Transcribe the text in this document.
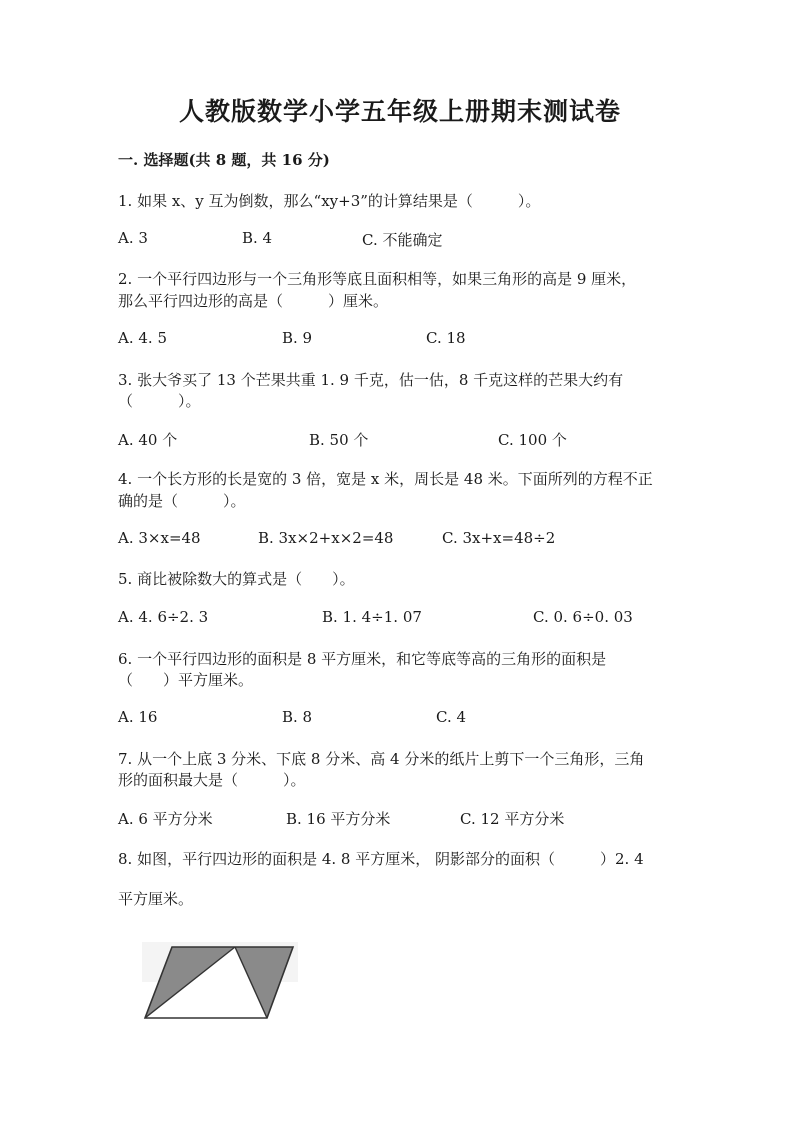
人教版数学小学五年级上册期末测试卷
一. 选择题(共 8 题，共 16 分)
1. 如果 x、y 互为倒数，那么“xy+3”的计算结果是（　　　）。
A. 3	B. 4	C. 不能确定
2. 一个平行四边形与一个三角形等底且面积相等，如果三角形的高是 9 厘米，
那么平行四边形的高是（　　　）厘米。
A. 4. 5	B. 9	C. 18
3. 张大爷买了 13 个芒果共重 1. 9 千克，估一估，8 千克这样的芒果大约有
（　　　）。
A. 40 个	B. 50 个	C. 100 个
4. 一个长方形的长是宽的 3 倍，宽是 x 米，周长是 48 米。下面所列的方程不正
确的是（　　　）。
A. 3×x=48	B. 3x×2+x×2=48	C. 3x+x=48÷2
5. 商比被除数大的算式是（　　）。
A. 4. 6÷2. 3	B. 1. 4÷1. 07	C. 0. 6÷0. 03
6. 一个平行四边形的面积是 8 平方厘米，和它等底等高的三角形的面积是
（　　）平方厘米。
A. 16	B. 8	C. 4
7. 从一个上底 3 分米、下底 8 分米、高 4 分米的纸片上剪下一个三角形，三角
形的面积最大是（　　　）。
A. 6 平方分米	B. 16 平方分米	C. 12 平方分米
8. 如图，平行四边形的面积是 4. 8 平方厘米， 阴影部分的面积（　　　）2. 4
平方厘米。
